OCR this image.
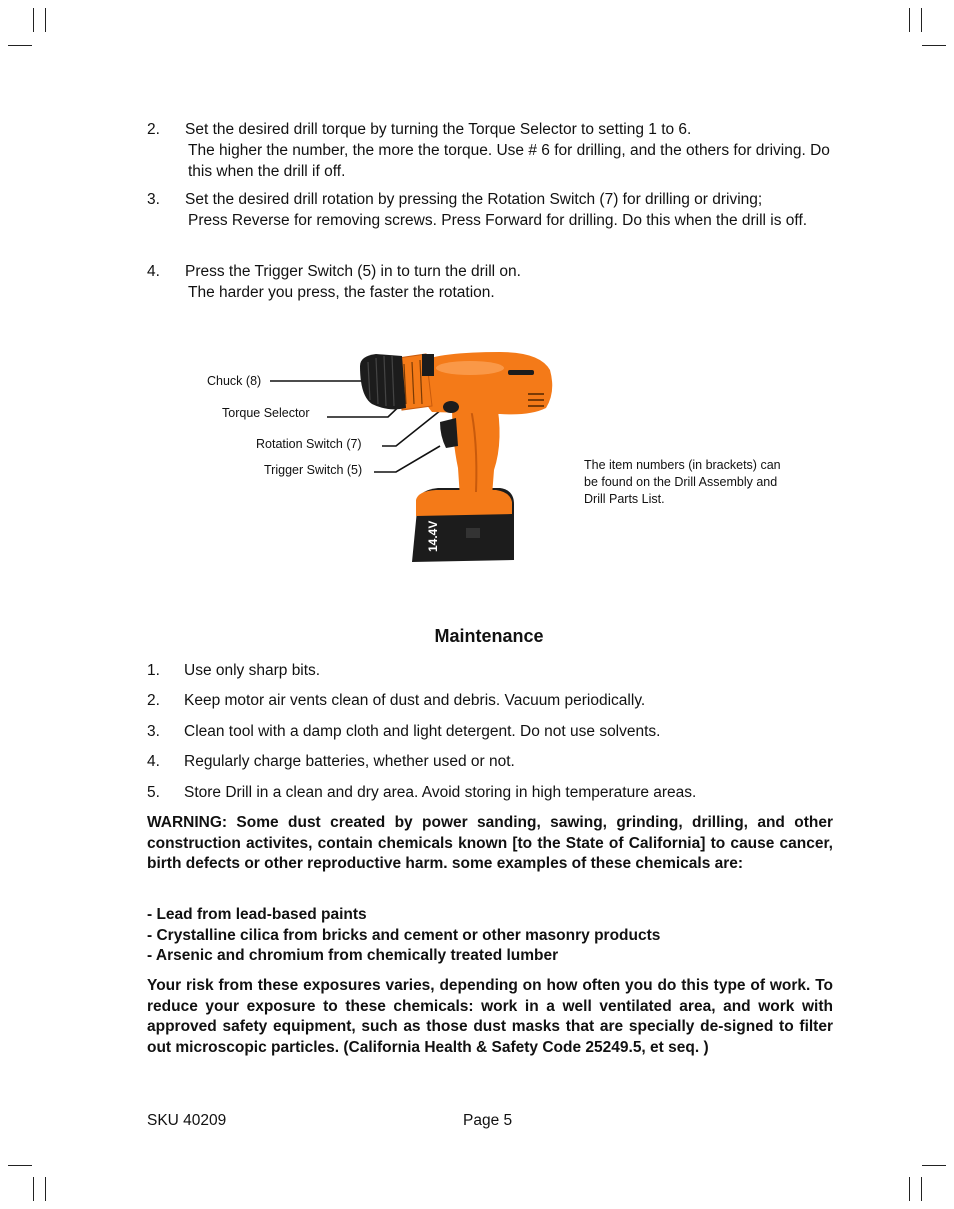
2. Set the desired drill torque by turning the Torque Selector to setting 1 to 6.
The higher the number, the more the torque. Use # 6 for drilling, and the others for driving. Do this when the drill if off.
3. Set the desired drill rotation by pressing the Rotation Switch (7) for drilling or driving;
Press Reverse for removing screws. Press Forward for drilling. Do this when the drill is off.
4. Press the Trigger Switch (5) in to turn the drill on.
The harder you press, the faster the rotation.
Chuck (8)
Torque Selector
Rotation Switch (7)
Trigger Switch (5)
14.4V
The item numbers (in brackets) can be found on the Drill Assembly and Drill Parts List.
Maintenance
1. Use only sharp bits.
2. Keep motor air vents clean of dust and debris. Vacuum periodically.
3. Clean tool with a damp cloth and light detergent. Do not use solvents.
4. Regularly charge batteries, whether used or not.
5. Store Drill in a clean and dry area. Avoid storing in high temperature areas.
WARNING: Some dust created by power sanding, sawing, grinding, drilling, and other construction activites, contain chemicals known [to the State of California] to cause cancer, birth defects or other reproductive harm. some examples of these chemicals are:
- Lead from lead-based paints
- Crystalline cilica from bricks and cement or other masonry products
- Arsenic and chromium from chemically treated lumber
Your risk from these exposures varies, depending on how often you do this type of work. To reduce your exposure to these chemicals: work in a well ventilated area, and work with approved safety equipment, such as those dust masks that are specially de-signed to filter out microscopic particles. (California Health & Safety Code 25249.5, et seq. )
SKU 40209	Page 5
